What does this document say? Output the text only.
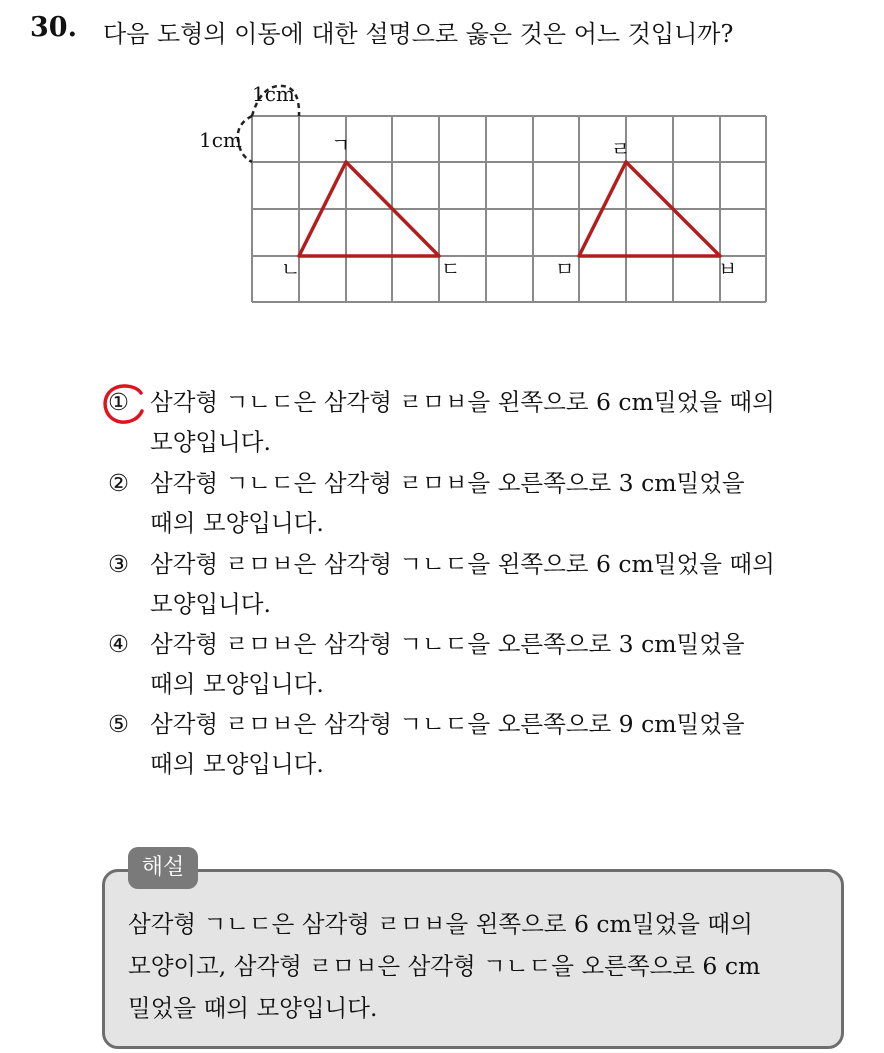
30. 다음 도형의 이동에 대한 설명으로 옳은 것은 어느 것입니까?
1cm
1cm	ㄱ
ㄴ	ㄷ
ㄹ
ㅁ	ㅂ
① 삼각형 ㄱㄴㄷ은 삼각형 ㄹㅁㅂ을 왼쪽으로 6 cm밀었을 때의
모양입니다.
② 삼각형 ㄱㄴㄷ은 삼각형 ㄹㅁㅂ을 오른쪽으로 3 cm밀었을
때의 모양입니다.
③ 삼각형 ㄹㅁㅂ은 삼각형 ㄱㄴㄷ을 왼쪽으로 6 cm밀었을 때의
모양입니다.
④ 삼각형 ㄹㅁㅂ은 삼각형 ㄱㄴㄷ을 오른쪽으로 3 cm밀었을
때의 모양입니다.
⑤ 삼각형 ㄹㅁㅂ은 삼각형 ㄱㄴㄷ을 오른쪽으로 9 cm밀었을
때의 모양입니다.
해설
삼각형 ㄱㄴㄷ은 삼각형 ㄹㅁㅂ을 왼쪽으로 6 cm밀었을 때의
모양이고, 삼각형 ㄹㅁㅂ은 삼각형 ㄱㄴㄷ을 오른쪽으로 6 cm
밀었을 때의 모양입니다.
